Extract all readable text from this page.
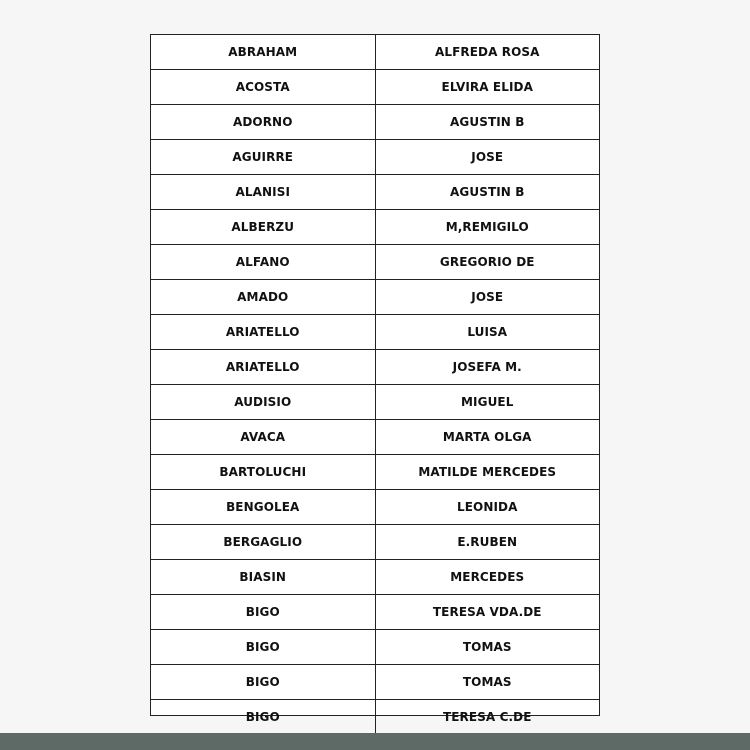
ABRAHAM	ALFREDA ROSA
ACOSTA	ELVIRA ELIDA
ADORNO	AGUSTIN B
AGUIRRE	JOSE
ALANISI	AGUSTIN B
ALBERZU	M,REMIGILO
ALFANO	GREGORIO DE
AMADO	JOSE
ARIATELLO	LUISA
ARIATELLO	JOSEFA M.
AUDISIO	MIGUEL
AVACA	MARTA OLGA
BARTOLUCHI	MATILDE MERCEDES
BENGOLEA	LEONIDA
BERGAGLIO	E.RUBEN
BIASIN	MERCEDES
BIGO	TERESA VDA.DE
BIGO	TOMAS
BIGO	TOMAS
BIGO	TERESA C.DE
